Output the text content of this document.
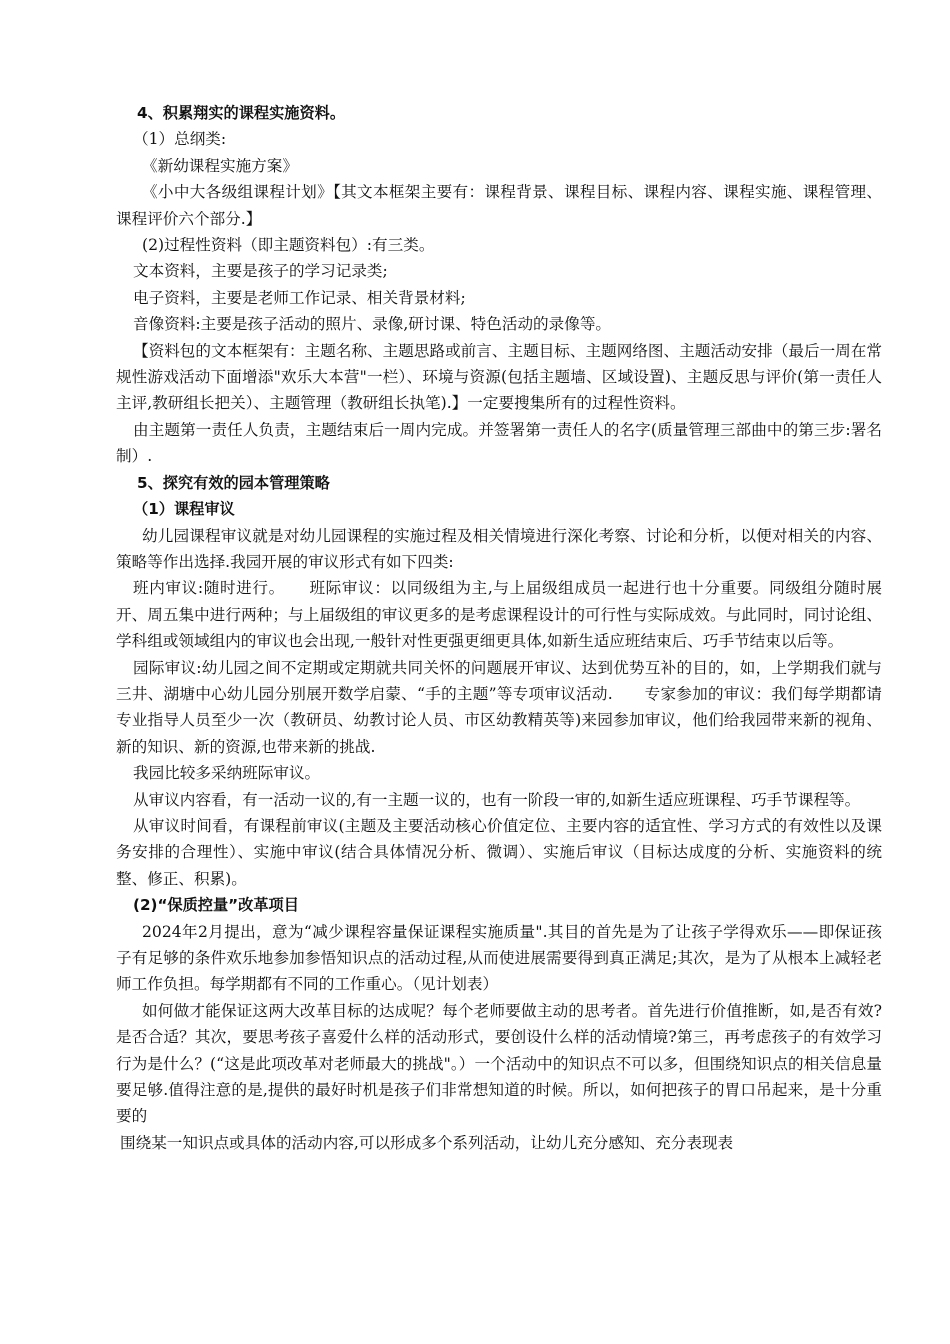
4、积累翔实的课程实施资料。

（1）总纲类:

《新幼课程实施方案》

《小中大各级组课程计划》【其文本框架主要有：课程背景、课程目标、课程内容、课程实施、课程管理、课程评价六个部分.】

(2)过程性资料（即主题资料包）:有三类。

文本资料，主要是孩子的学习记录类;

电子资料，主要是老师工作记录、相关背景材料;

音像资料:主要是孩子活动的照片、录像,研讨课、特色活动的录像等。

【资料包的文本框架有：主题名称、主题思路或前言、主题目标、主题网络图、主题活动安排（最后一周在常规性游戏活动下面增添"欢乐大本营"一栏）、环境与资源(包括主题墙、区域设置)、主题反思与评价(第一责任人主评,教研组长把关）、主题管理（教研组长执笔).】一定要搜集所有的过程性资料。

由主题第一责任人负责，主题结束后一周内完成。并签署第一责任人的名字(质量管理三部曲中的第三步:署名制）.

5、探究有效的园本管理策略

（1）课程审议

幼儿园课程审议就是对幼儿园课程的实施过程及相关情境进行深化考察、讨论和分析，以便对相关的内容、策略等作出选择.我园开展的审议形式有如下四类:

班内审议:随时进行。　　班际审议：以同级组为主,与上届级组成员一起进行也十分重要。同级组分随时展开、周五集中进行两种；与上届级组的审议更多的是考虑课程设计的可行性与实际成效。与此同时，同讨论组、学科组或领域组内的审议也会出现,一般针对性更强更细更具体,如新生适应班结束后、巧手节结束以后等。

园际审议:幼儿园之间不定期或定期就共同关怀的问题展开审议、达到优势互补的目的，如，上学期我们就与三井、湖塘中心幼儿园分别展开数学启蒙、“手的主题”等专项审议活动.　　专家参加的审议：我们每学期都请专业指导人员至少一次（教研员、幼教讨论人员、市区幼教精英等)来园参加审议，他们给我园带来新的视角、新的知识、新的资源,也带来新的挑战.

我园比较多采纳班际审议。

从审议内容看，有一活动一议的,有一主题一议的，也有一阶段一审的,如新生适应班课程、巧手节课程等。

从审议时间看，有课程前审议(主题及主要活动核心价值定位、主要内容的适宜性、学习方式的有效性以及课务安排的合理性）、实施中审议(结合具体情况分析、微调）、实施后审议（目标达成度的分析、实施资料的统整、修正、积累)。

(2)“保质控量”改革项目

2024年2月提出，意为“减少课程容量保证课程实施质量".其目的首先是为了让孩子学得欢乐——即保证孩子有足够的条件欢乐地参加参悟知识点的活动过程,从而使进展需要得到真正满足;其次，是为了从根本上减轻老师工作负担。每学期都有不同的工作重心。（见计划表）

如何做才能保证这两大改革目标的达成呢？每个老师要做主动的思考者。首先进行价值推断，如,是否有效?是否合适？其次，要思考孩子喜爱什么样的活动形式，要创设什么样的活动情境?第三，再考虑孩子的有效学习行为是什么？(“这是此项改革对老师最大的挑战"。）一个活动中的知识点不可以多，但围绕知识点的相关信息量要足够.值得注意的是,提供的最好时机是孩子们非常想知道的时候。所以，如何把孩子的胃口吊起来，是十分重要的

围绕某一知识点或具体的活动内容,可以形成多个系列活动，让幼儿充分感知、充分表现表
